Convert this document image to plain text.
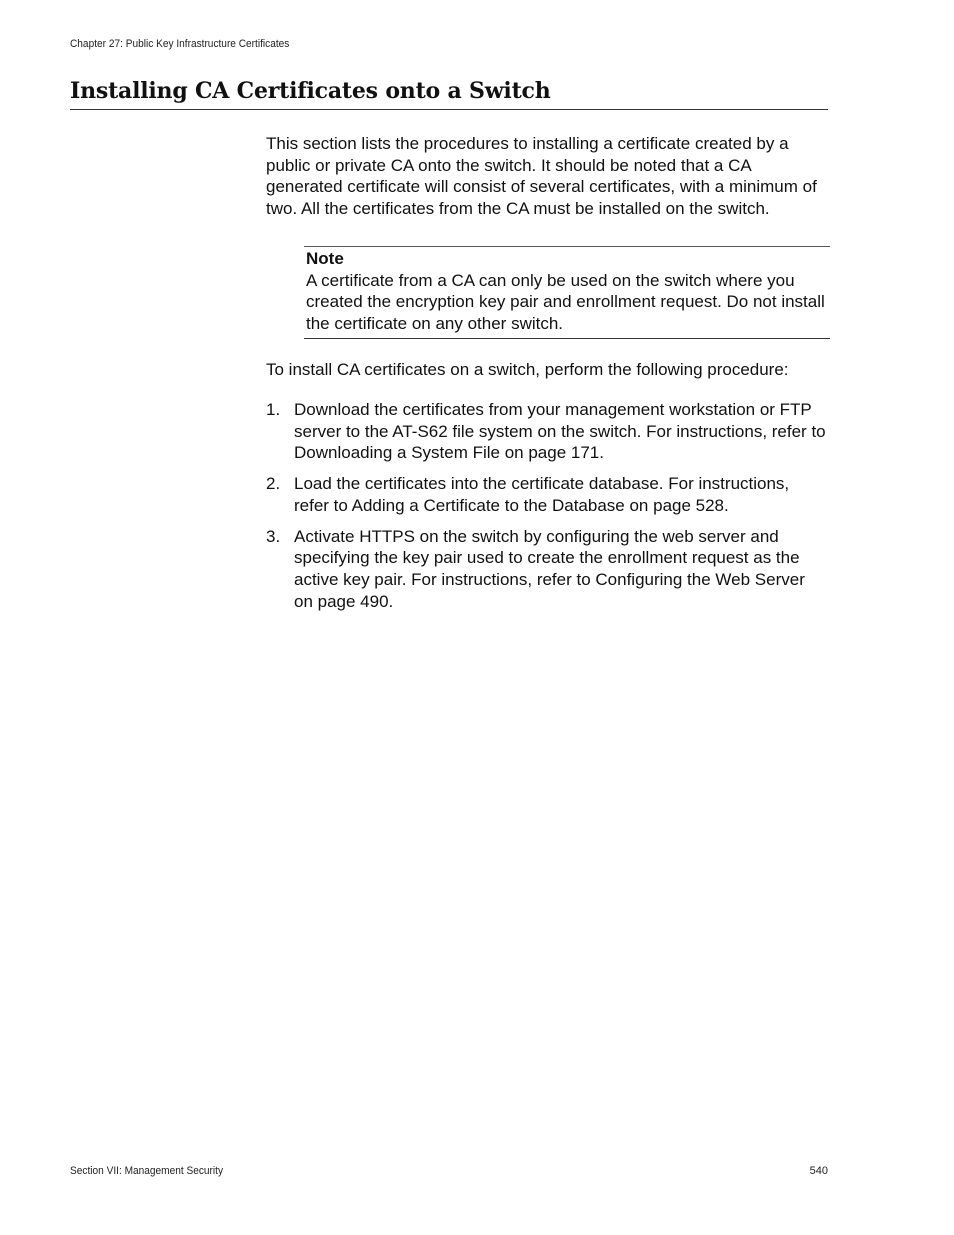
Chapter 27: Public Key Infrastructure Certificates
Installing CA Certificates onto a Switch

This section lists the procedures to installing a certificate created by a public or private CA onto the switch. It should be noted that a CA generated certificate will consist of several certificates, with a minimum of two. All the certificates from the CA must be installed on the switch.

Note

A certificate from a CA can only be used on the switch where you created the encryption key pair and enrollment request. Do not install the certificate on any other switch.

To install CA certificates on a switch, perform the following procedure:

1. Download the certificates from your management workstation or FTP server to the AT-S62 file system on the switch. For instructions, refer to Downloading a System File on page 171.
2. Load the certificates into the certificate database. For instructions, refer to Adding a Certificate to the Database on page 528.
3. Activate HTTPS on the switch by configuring the web server and specifying the key pair used to create the enrollment request as the active key pair. For instructions, refer to Configuring the Web Server on page 490.
Section VII: Management Security	540
